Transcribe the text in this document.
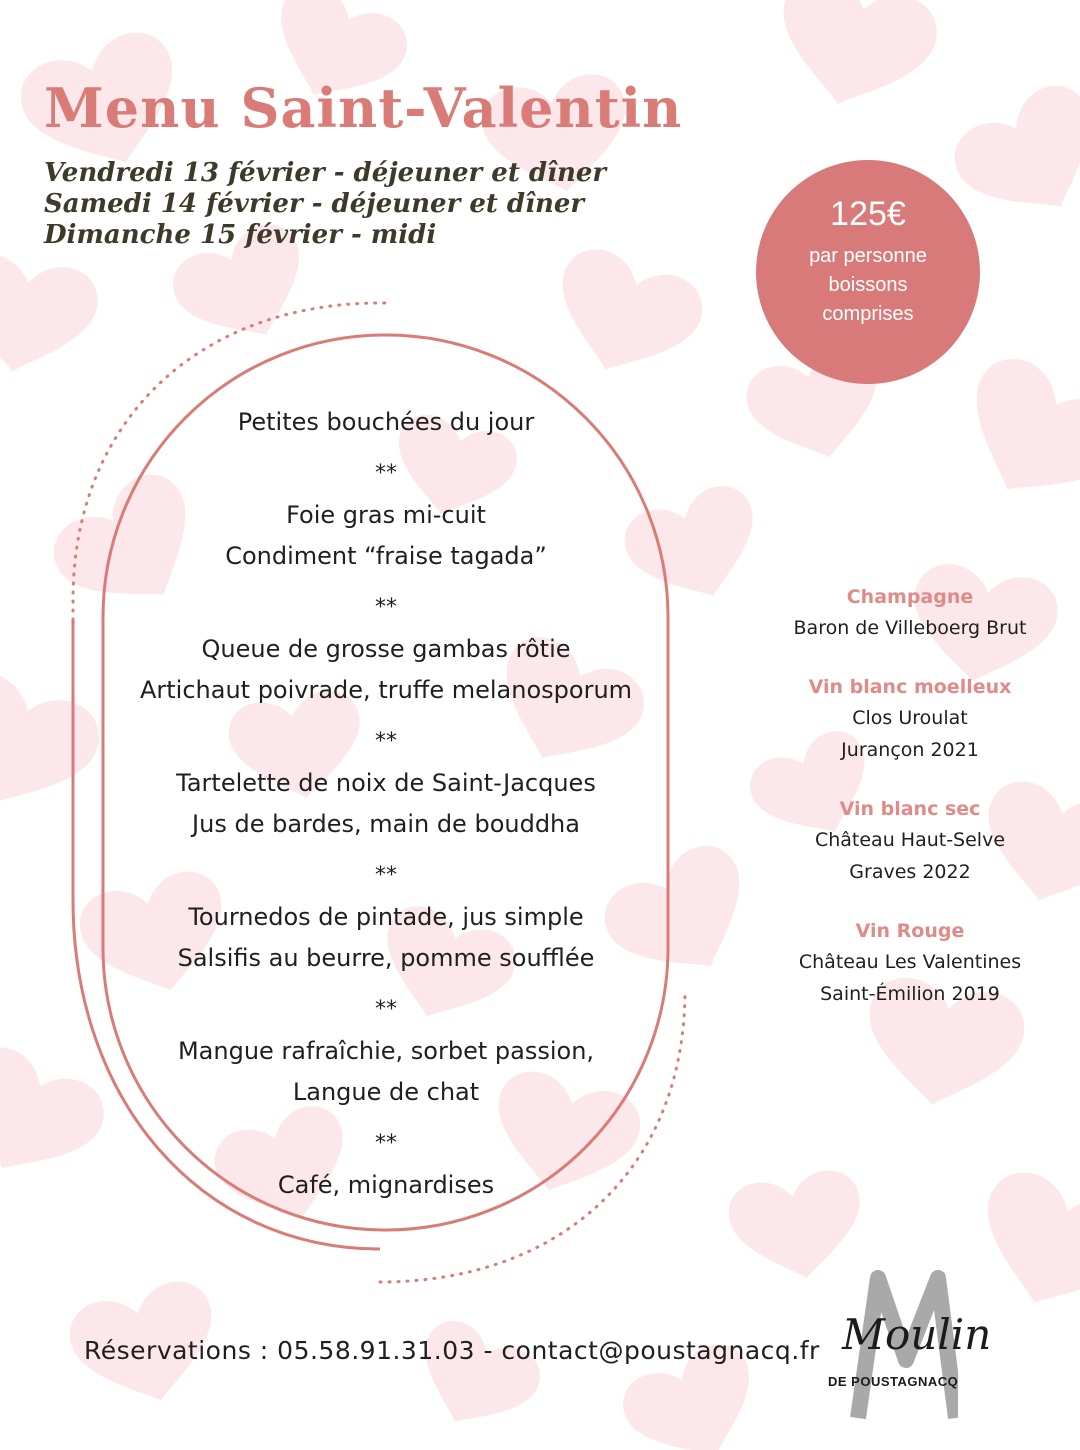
Menu Saint-Valentin
Vendredi 13 février - déjeuner et dîner
Samedi 14 février - déjeuner et dîner
Dimanche 15 février - midi
125€
par personne
boissons
comprises
Petites bouchées du jour
**
Foie gras mi-cuit
Condiment “fraise tagada”
**
Queue de grosse gambas rôtie
Artichaut poivrade, truffe melanosporum
**
Tartelette de noix de Saint-Jacques
Jus de bardes, main de bouddha
**
Tournedos de pintade, jus simple
Salsifis au beurre, pomme soufflée
**
Mangue rafraîchie, sorbet passion,
Langue de chat
**
Café, mignardises
Champagne
Baron de Villeboerg Brut
Vin blanc moelleux
Clos Uroulat
Jurançon 2021
Vin blanc sec
Château Haut-Selve
Graves 2022
Vin Rouge
Château Les Valentines
Saint-Émilion 2019
Réservations : 05.58.91.31.03 - contact@poustagnacq.fr Moulin
DE POUSTAGNACQ
